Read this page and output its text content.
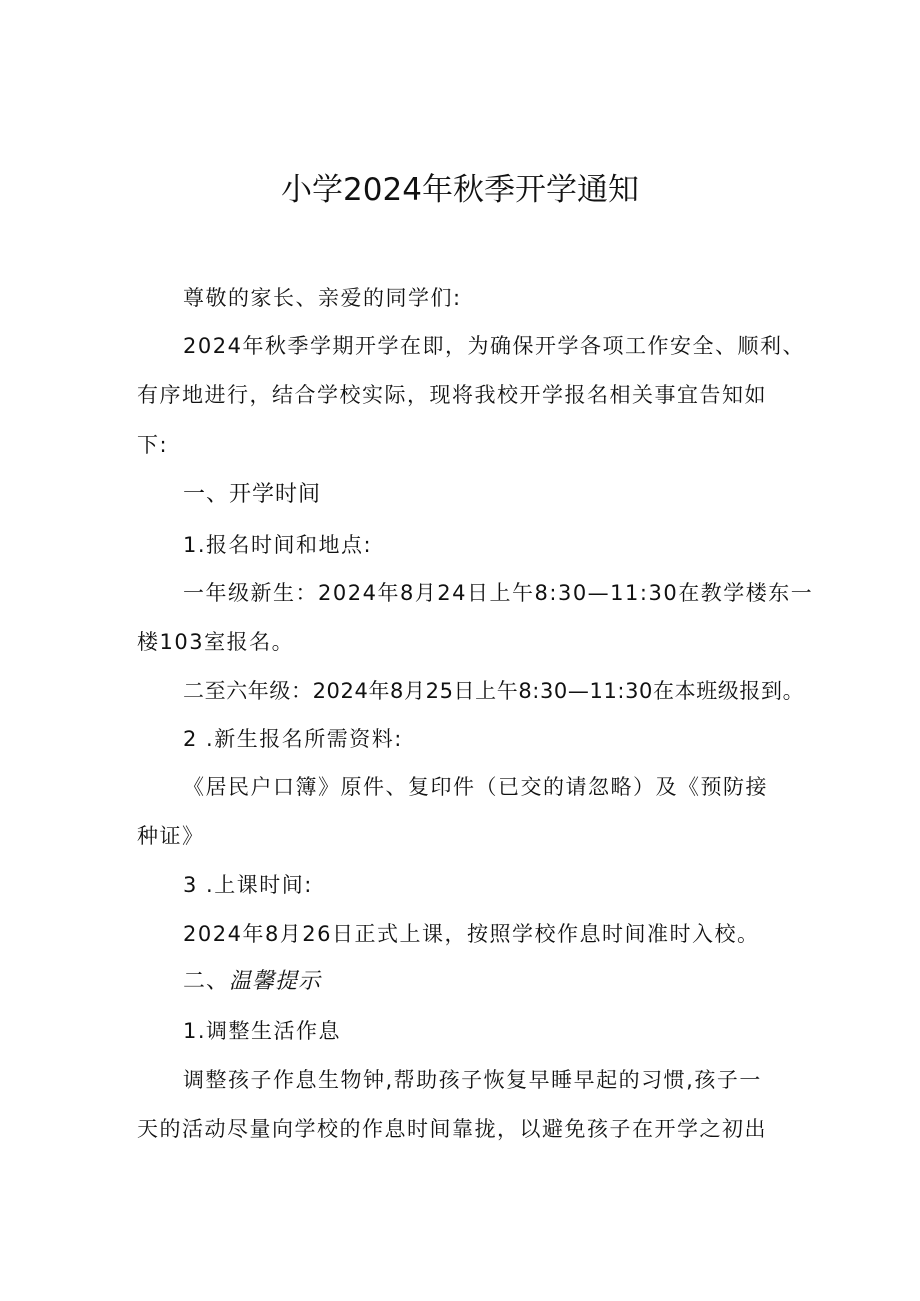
小学2024年秋季开学通知
尊敬的家长、亲爱的同学们:
2024年秋季学期开学在即，为确保开学各项工作安全、顺利、
有序地进行，结合学校实际，现将我校开学报名相关事宜告知如
下:
一、开学时间
1.报名时间和地点:
一年级新生：2024年8月24日上午8:30—11:30在教学楼东一
楼103室报名。
二至六年级：2024年8月25日上午8:30—11:30在本班级报到。
2 .新生报名所需资料:
《居民户口簿》原件、复印件（已交的请忽略）及《预防接
种证》
3 .上课时间:
2024年8月26日正式上课，按照学校作息时间准时入校。
二、温馨提示
1.调整生活作息
调整孩子作息生物钟,帮助孩子恢复早睡早起的习惯,孩子一
天的活动尽量向学校的作息时间靠拢，以避免孩子在开学之初出
